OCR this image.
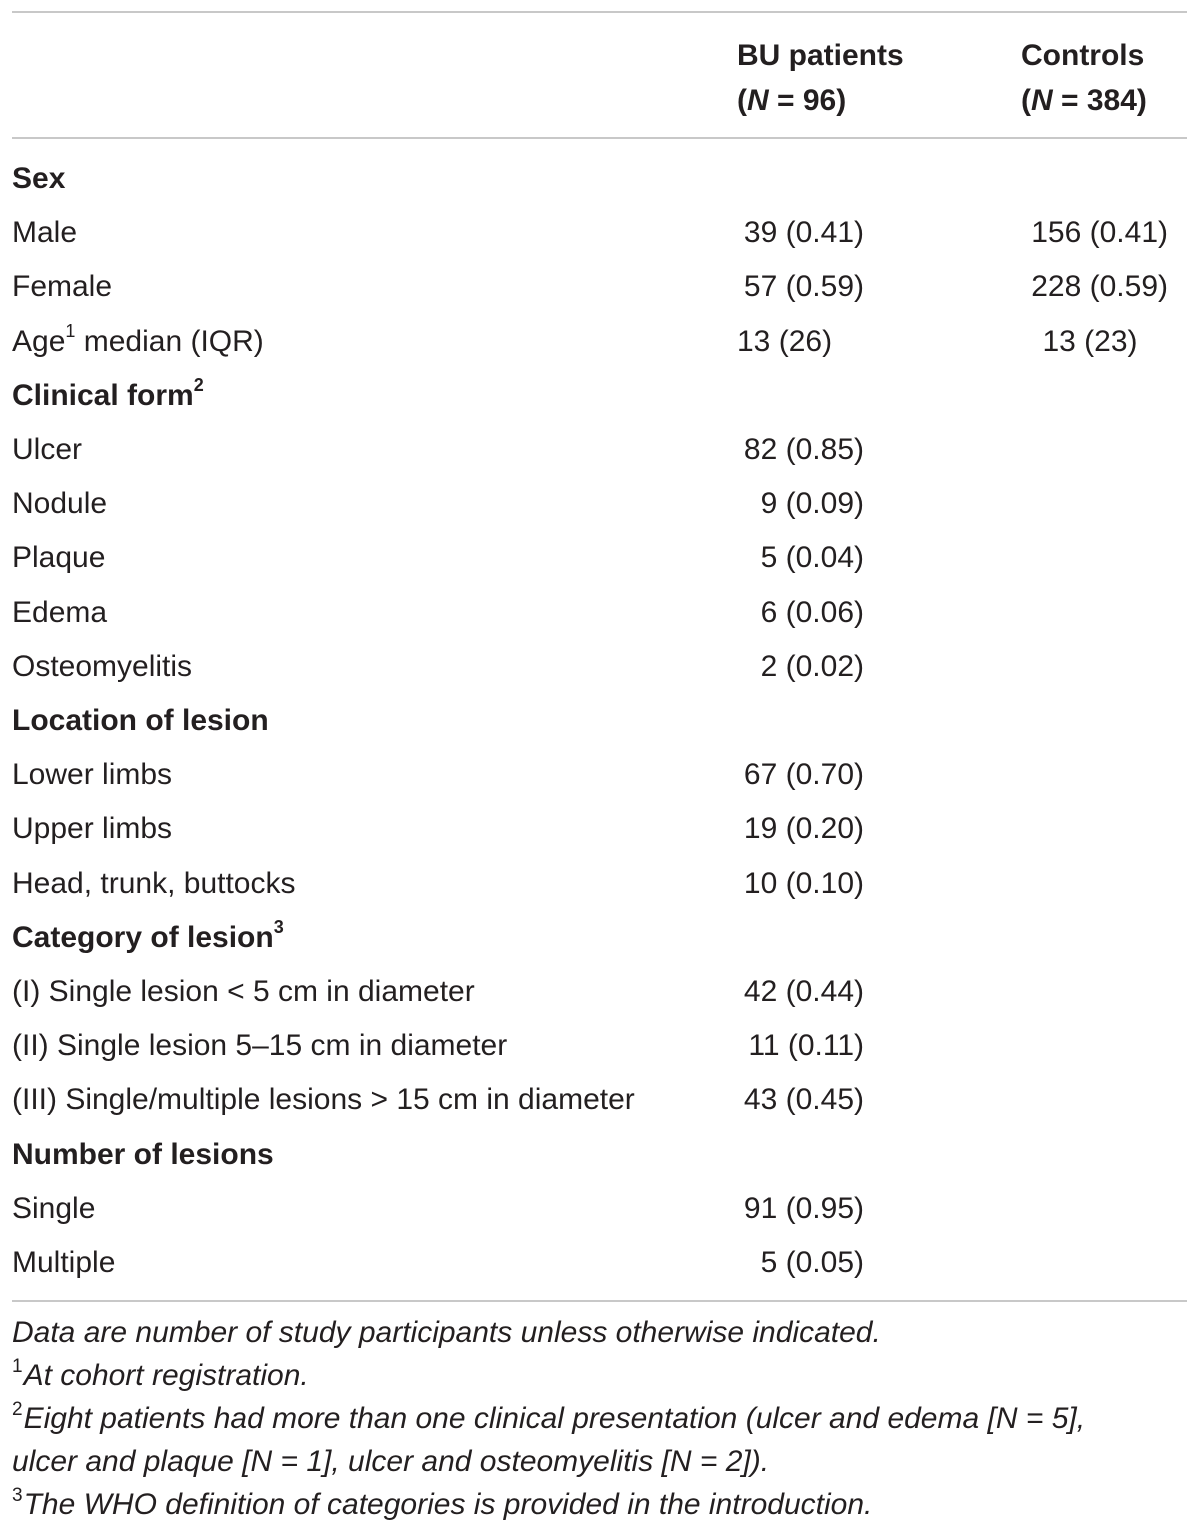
BU patients
(N = 96)
Controls
(N = 384)
Sex
Male	39 (0.41)	156 (0.41)
Female	57 (0.59)	228 (0.59)
Age$^1$ median (IQR)	13 (26)	13 (23)
Clinical form$^2$
Ulcer	82 (0.85)
Nodule	9 (0.09)
Plaque	5 (0.04)
Edema	6 (0.06)
Osteomyelitis	2 (0.02)
Location of lesion
Lower limbs	67 (0.70)
Upper limbs	19 (0.20)
Head, trunk, buttocks	10 (0.10)
Category of lesion$^3$
(I) Single lesion < 5 cm in diameter	42 (0.44)
(II) Single lesion 5–15 cm in diameter	11 (0.11)
(III) Single/multiple lesions > 15 cm in diameter	43 (0.45)
Number of lesions
Single	91 (0.95)
Multiple	5 (0.05)
Data are number of study participants unless otherwise indicated.
$^1$At cohort registration.
$^2$Eight patients had more than one clinical presentation (ulcer and edema [N = 5],
ulcer and plaque [N = 1], ulcer and osteomyelitis [N = 2]).
$^3$The WHO definition of categories is provided in the introduction.
